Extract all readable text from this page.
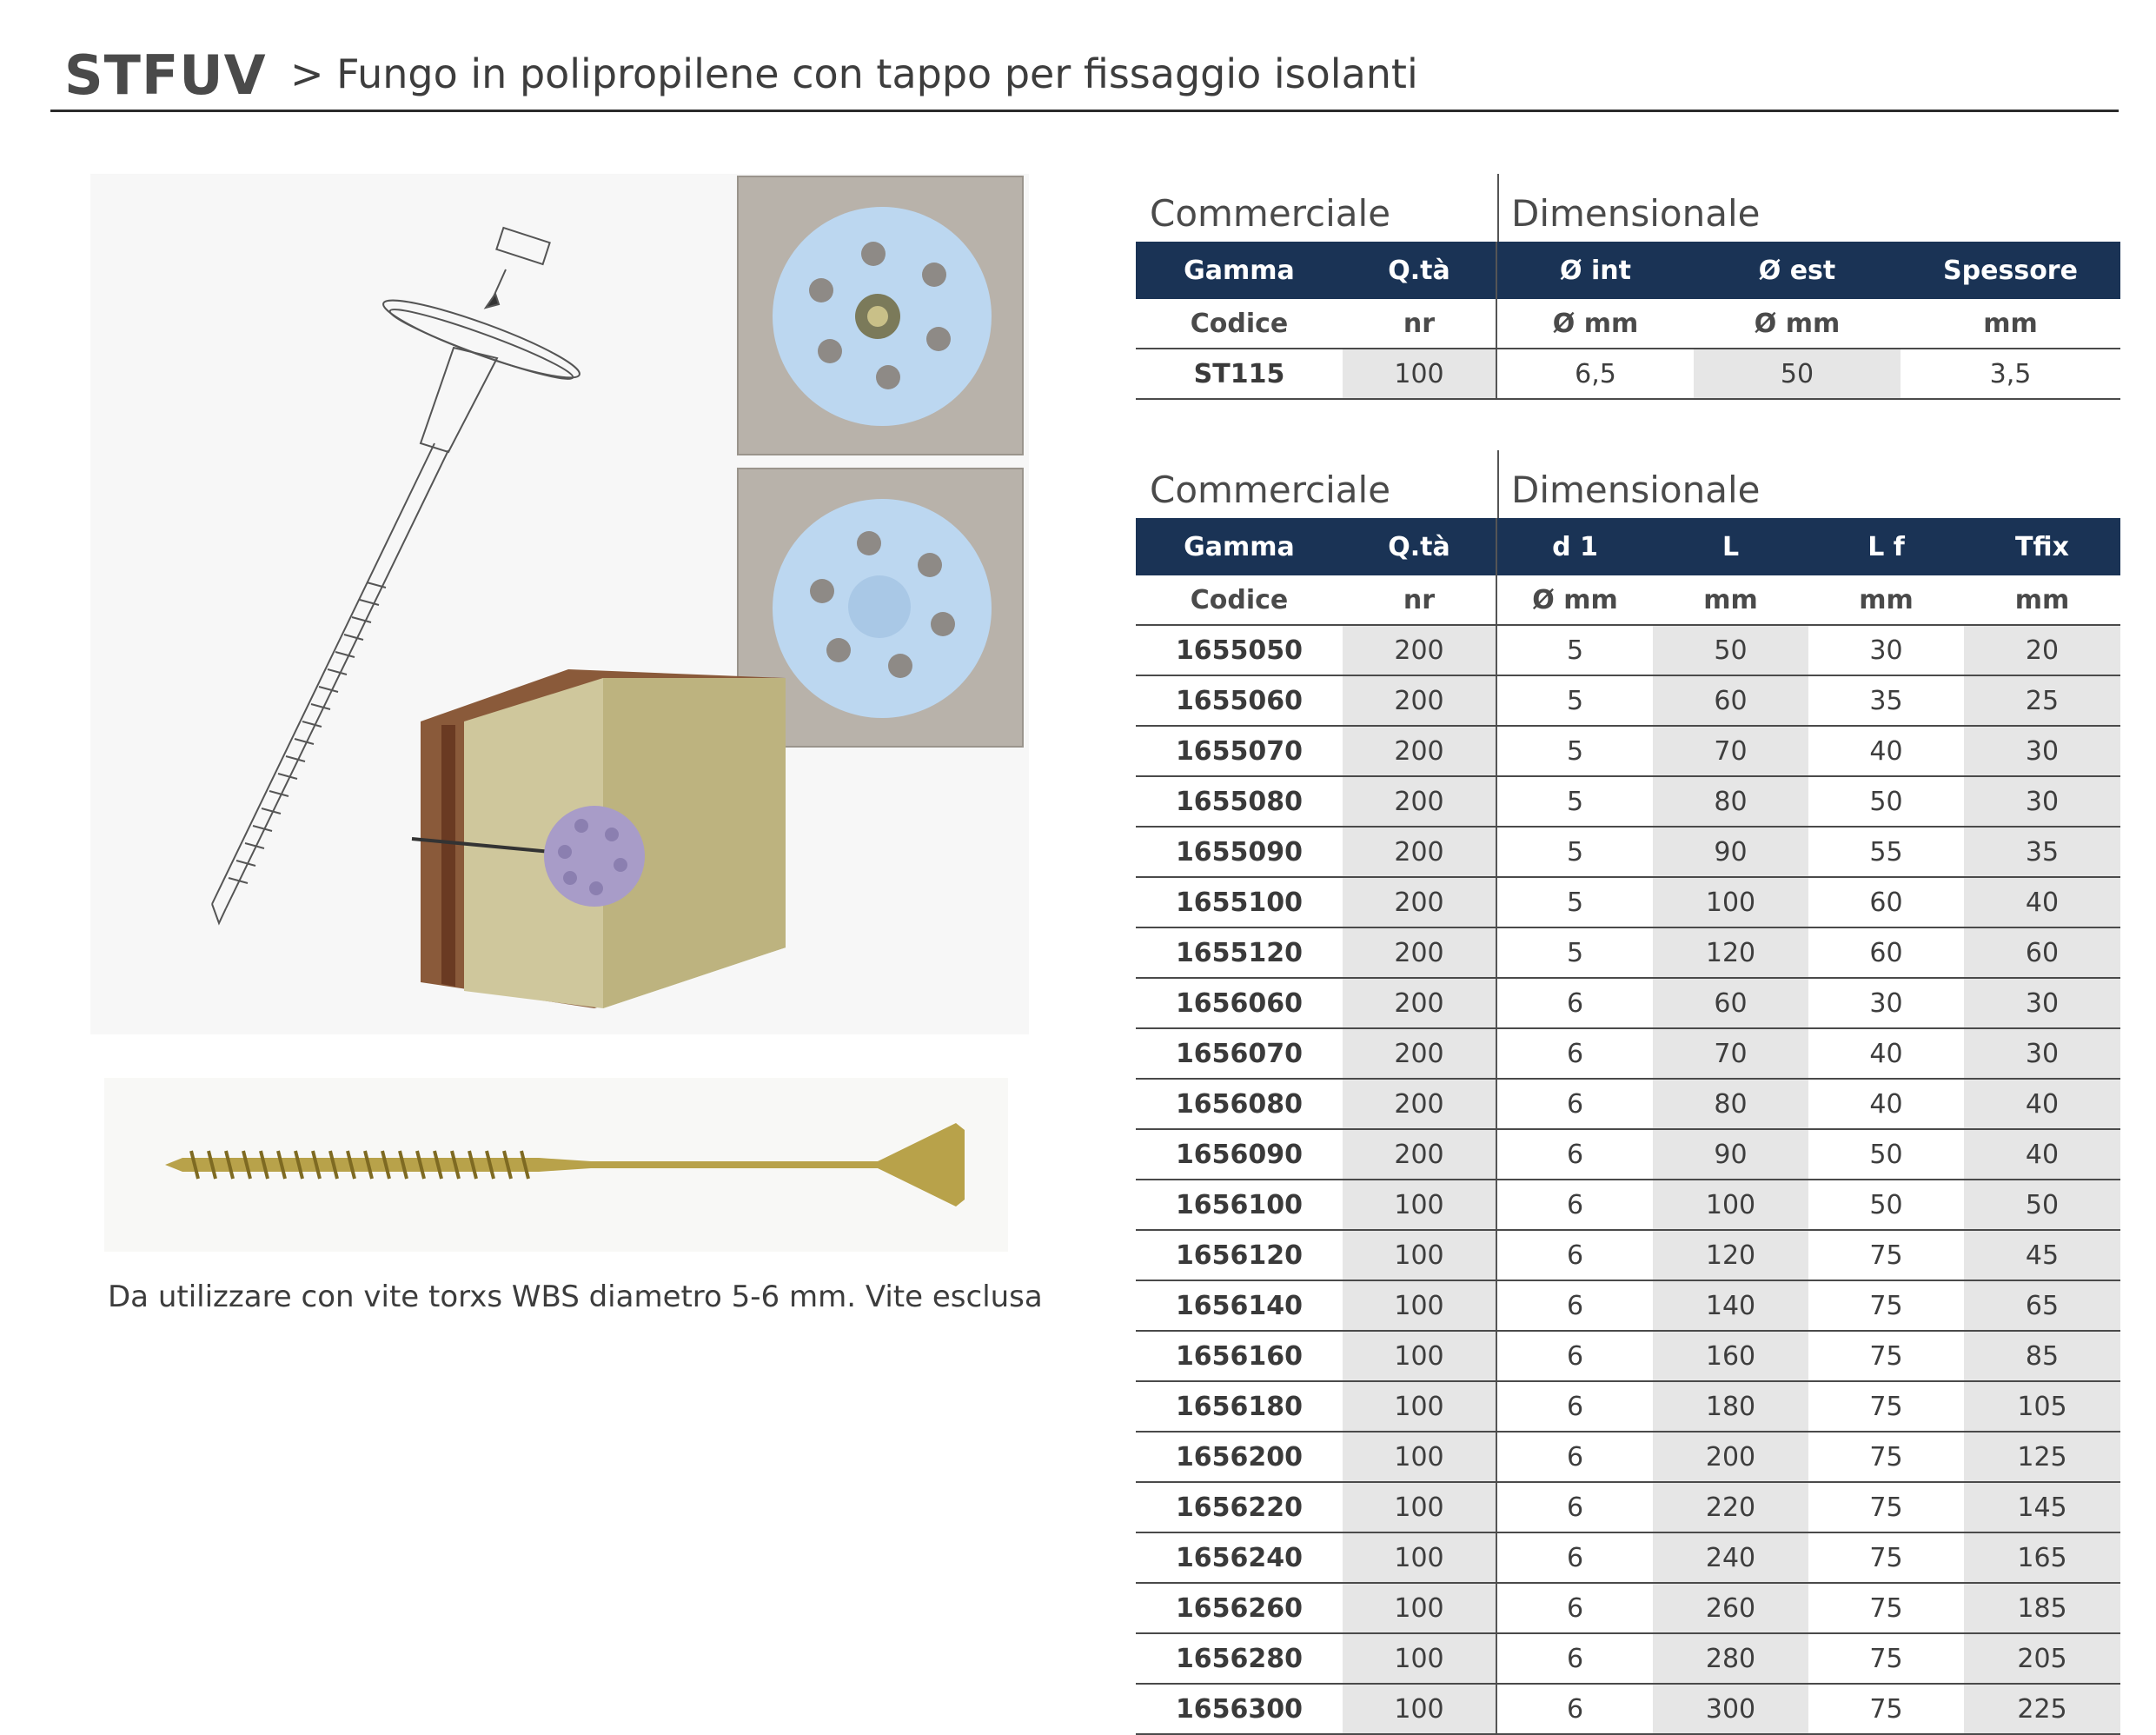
STFUV > Fungo in polipropilene con tappo per fissaggio isolanti
Da utilizzare con vite torxs WBS diametro 5-6 mm. Vite esclusa
Commerciale	Dimensionale
Gamma	Q.tà	Ø int	Ø est	Spessore
Codice	nr	Ø mm	Ø mm	mm
ST115	100	6,5	50	3,5
Commerciale	Dimensionale
Gamma	Q.tà	d 1	L	L f	Tfix
Codice	nr	Ø mm	mm	mm	mm
1655050	200	5	50	30	20
1655060	200	5	60	35	25
1655070	200	5	70	40	30
1655080	200	5	80	50	30
1655090	200	5	90	55	35
1655100	200	5	100	60	40
1655120	200	5	120	60	60
1656060	200	6	60	30	30
1656070	200	6	70	40	30
1656080	200	6	80	40	40
1656090	200	6	90	50	40
1656100	100	6	100	50	50
1656120	100	6	120	75	45
1656140	100	6	140	75	65
1656160	100	6	160	75	85
1656180	100	6	180	75	105
1656200	100	6	200	75	125
1656220	100	6	220	75	145
1656240	100	6	240	75	165
1656260	100	6	260	75	185
1656280	100	6	280	75	205
1656300	100	6	300	75	225
